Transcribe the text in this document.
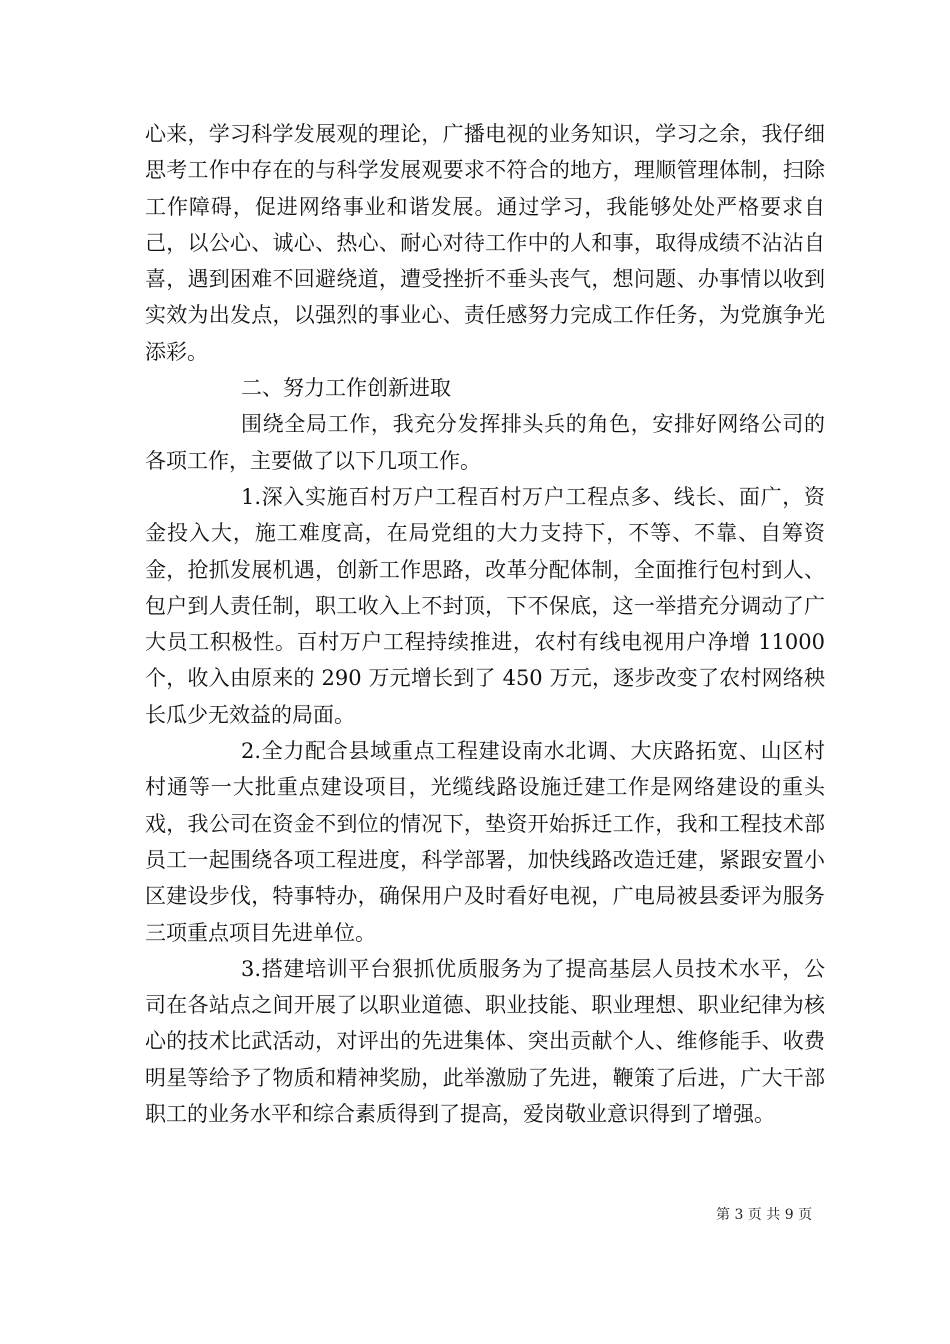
心来，学习科学发展观的理论，广播电视的业务知识，学习之余，我仔细思考工作中存在的与科学发展观要求不符合的地方，理顺管理体制，扫除工作障碍，促进网络事业和谐发展。通过学习，我能够处处严格要求自己，以公心、诚心、热心、耐心对待工作中的人和事，取得成绩不沾沾自喜，遇到困难不回避绕道，遭受挫折不垂头丧气，想问题、办事情以收到实效为出发点，以强烈的事业心、责任感努力完成工作任务，为党旗争光添彩。

二、努力工作创新进取

围绕全局工作，我充分发挥排头兵的角色，安排好网络公司的各项工作，主要做了以下几项工作。

1.深入实施百村万户工程百村万户工程点多、线长、面广，资金投入大，施工难度高，在局党组的大力支持下，不等、不靠、自筹资金，抢抓发展机遇，创新工作思路，改革分配体制，全面推行包村到人、包户到人责任制，职工收入上不封顶，下不保底，这一举措充分调动了广大员工积极性。百村万户工程持续推进，农村有线电视用户净增 11000 个，收入由原来的 290 万元增长到了 450 万元，逐步改变了农村网络秧长瓜少无效益的局面。

2.全力配合县域重点工程建设南水北调、大庆路拓宽、山区村村通等一大批重点建设项目，光缆线路设施迁建工作是网络建设的重头戏，我公司在资金不到位的情况下，垫资开始拆迁工作，我和工程技术部员工一起围绕各项工程进度，科学部署，加快线路改造迁建，紧跟安置小区建设步伐，特事特办，确保用户及时看好电视，广电局被县委评为服务三项重点项目先进单位。

3.搭建培训平台狠抓优质服务为了提高基层人员技术水平，公司在各站点之间开展了以职业道德、职业技能、职业理想、职业纪律为核心的技术比武活动，对评出的先进集体、突出贡献个人、维修能手、收费明星等给予了物质和精神奖励，此举激励了先进，鞭策了后进，广大干部职工的业务水平和综合素质得到了提高，爱岗敬业意识得到了增强。

第 3 页 共 9 页
